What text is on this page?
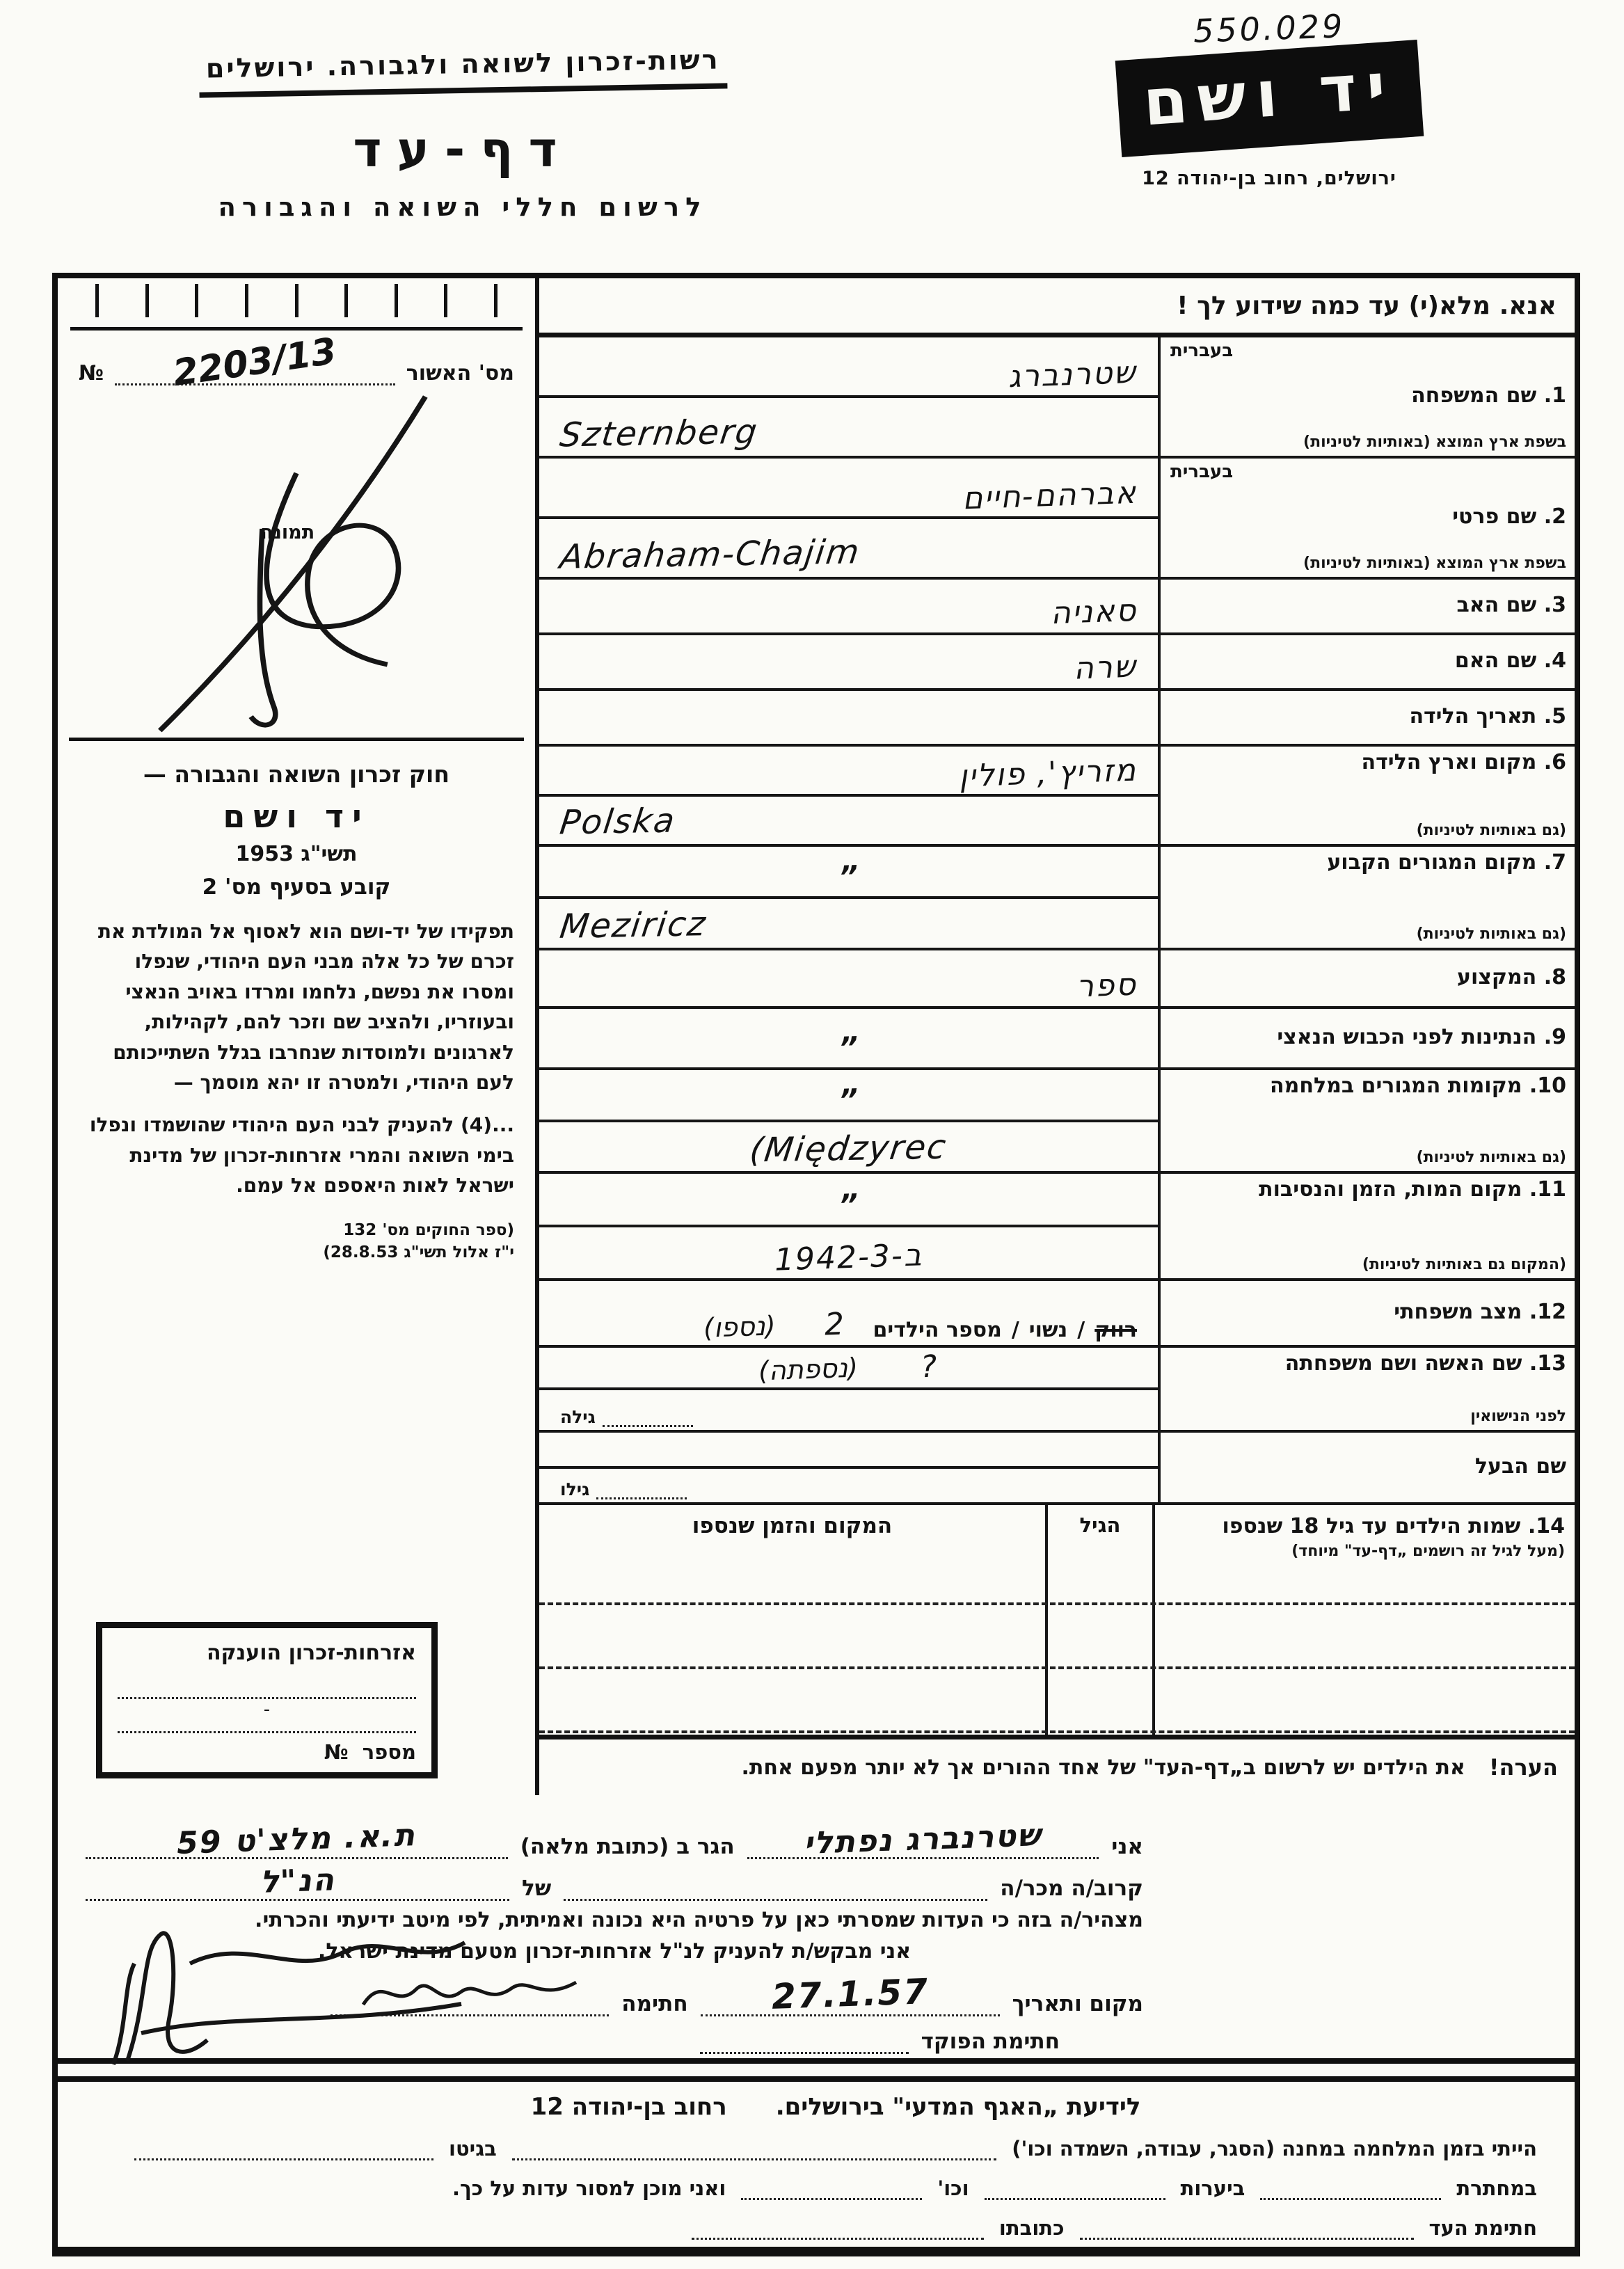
550.029
יד ושם
ירושלים, רחוב בן-יהודה 12
רשות-זכרון לשואה ולגבורה. ירושלים
דף-עד
לרשום חללי השואה והגבורה
אנא. מלא(י) עד כמה שידוע לך !
בעברית
1. שם המשפחה
בשפת ארץ המוצא (באותיות לטיניות)
שטרנברג
Szternberg
בעברית
2. שם פרטי
בשפת ארץ המוצא (באותיות לטיניות)
אברהם-חיים
Abraham-Chajim
3. שם האב
סאניה
4. שם האם
שרה
5. תאריך הלידה
6. מקום וארץ הלידה
(גם באותיות לטיניות)
מזריץ', פולין
Polska
7. מקום המגורים הקבוע
(גם באותיות לטיניות)
”
Meziricz
8. המקצוע
ספר
9. הנתינות לפני הכבוש הנאצי
”
10. מקומות המגורים במלחמה
(גם באותיות לטיניות)
”
(Międzyrec
11. מקום המות, הזמן והנסיבות
(המקום גם באותיות לטיניות)
”
ב-1942-3
12. מצב משפחתי
רווק
/
נשוי
/
מספר הילדים
2
(נספו)
13. שם האשה ושם משפחתה
לפני הנישואין
?
(נספתה)
גילה
שם הבעל
גילו
14. שמות הילדים עד גיל 18 שנספו
(מעל לגיל זה רושמים „דף-עד" מיוחד)
הגיל
המקום והזמן שנספו
הערה!
את הילדים יש לרשום ב„דף-העד" של אחד ההורים אך לא יותר מפעם אחת.
מס' האשור
2203/13
№
תמונה
חוק זכרון השואה והגבורה —
יד ושם
תשי"ג 1953
קובע בסעיף מס' 2
תפקידו של יד-ושם הוא לאסוף אל המולדת את זכרם של כל אלה מבני העם היהודי, שנפלו ומסרו את נפשם, נלחמו ומרדו באויב הנאצי ובעוזריו, ולהציב שם וזכר להם, לקהילות, לארגונים ולמוסדות שנחרבו בגלל השתייכותם לעם היהודי, ולמטרה זו יהא מוסמך —
...(4) להעניק לבני העם היהודי שהושמדו ונפלו בימי השואה והמרי אזרחות-זכרון של מדינת ישראל לאות היאספם אל עמם.
(ספר החוקים מס' 132
י"ז אלול תשי"ג 28.8.53)
אזרחות-זכרון הוענקה
-
מספר
№
אני
שטרנברג נפתלי
הגר ב (כתובת מלאה)
ת.א. מלצ'ט 59
קרוב/ה מכר/ה
של
הנ"ל
מצהיר/ה בזה כי העדות שמסרתי כאן על פרטיה היא נכונה ואמיתית, לפי מיטב ידיעתי והכרתי.
אני מבקש/ת להעניק לנ"ל אזרחות-זכרון מטעם מדינת ישראל.
מקום ותאריך
27.1.57
חתימה
חתימת הפוקד
לידיעת „האגף המדעי" בירושלים.
רחוב בן-יהודה 12
הייתי בזמן המלחמה במחנה (הסגר, עבודה, השמדה וכו')
בגיטו
במחתרת
ביערות
וכו'
ואני מוכן למסור עדות על כך.
חתימת העד
כתובתו
